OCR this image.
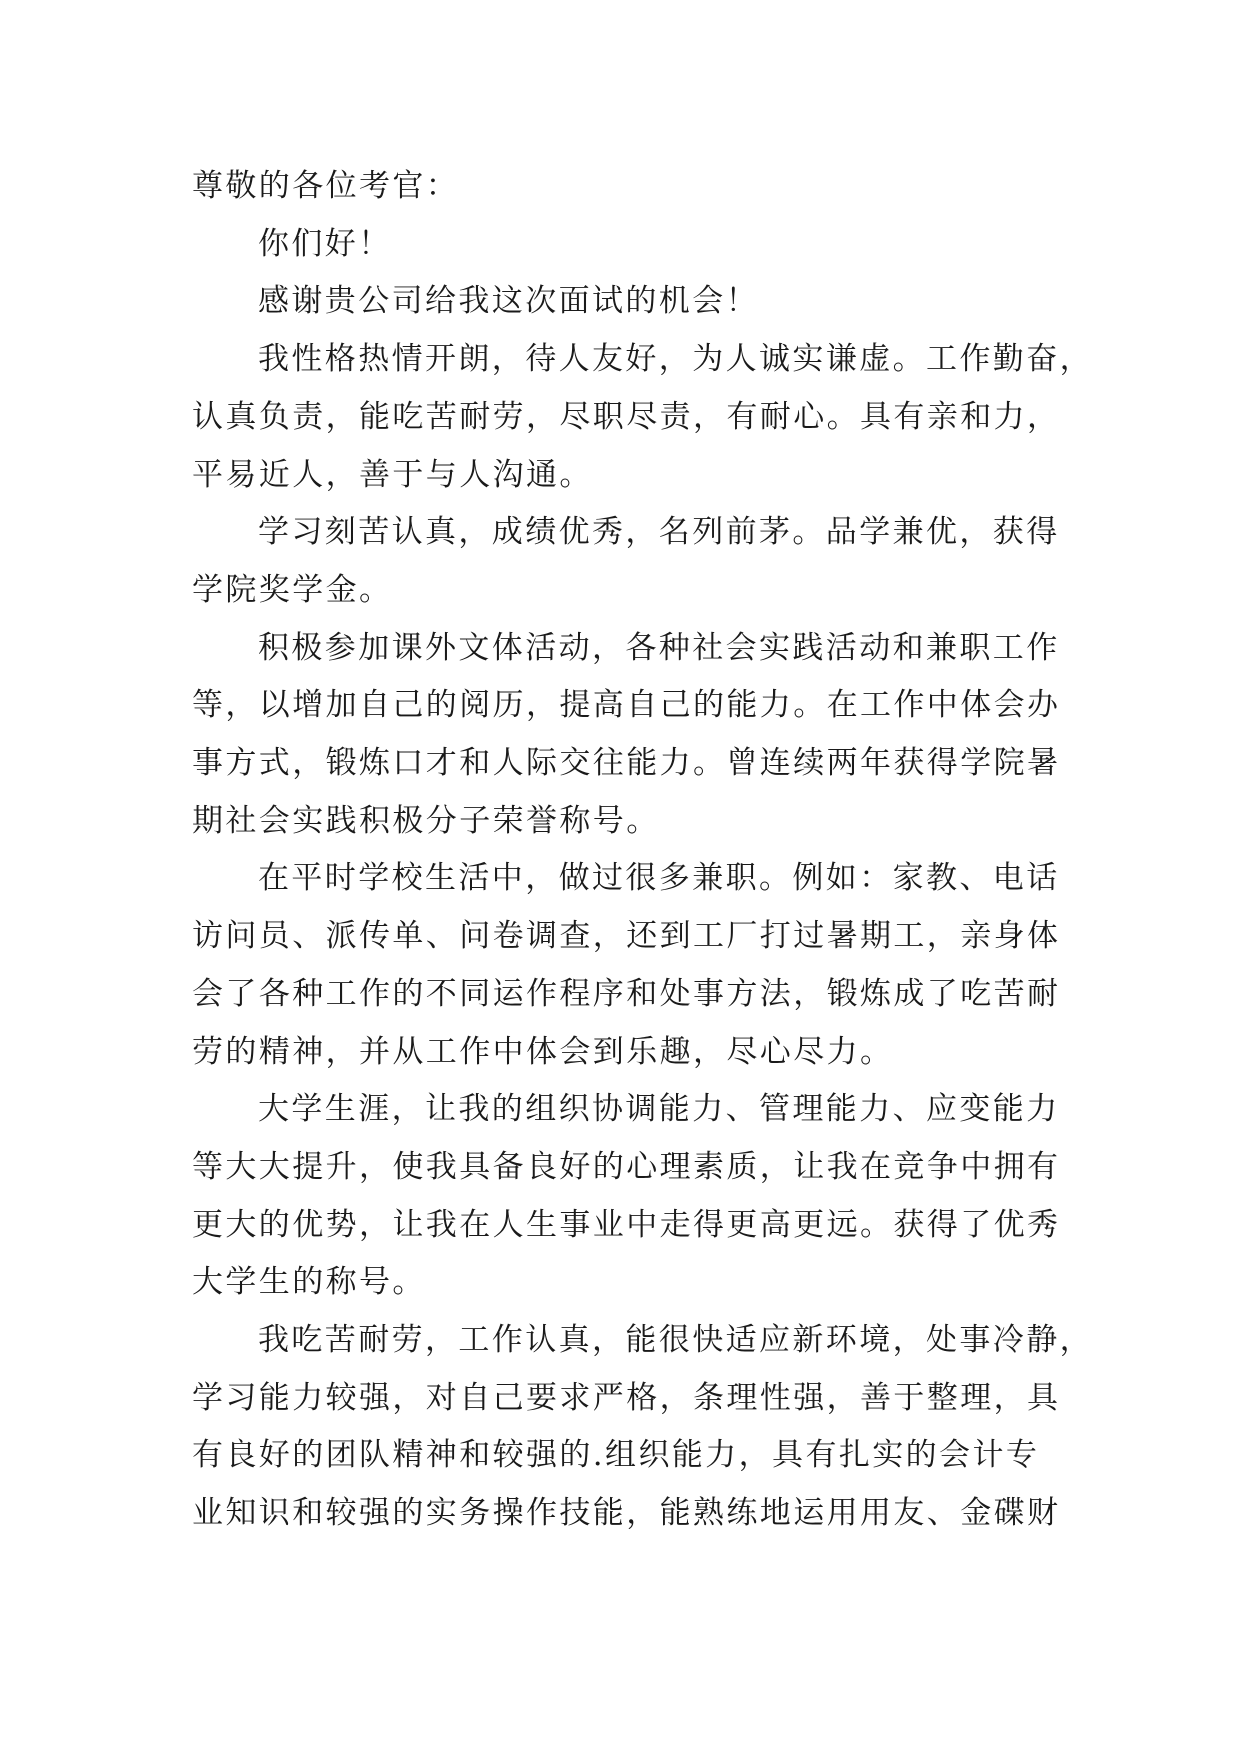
尊敬的各位考官：
你们好！
感谢贵公司给我这次面试的机会！
我性格热情开朗，待人友好，为人诚实谦虚。工作勤奋，
认真负责，能吃苦耐劳，尽职尽责，有耐心。具有亲和力，
平易近人，善于与人沟通。
学习刻苦认真，成绩优秀，名列前茅。品学兼优，获得
学院奖学金。
积极参加课外文体活动，各种社会实践活动和兼职工作
等，以增加自己的阅历，提高自己的能力。在工作中体会办
事方式，锻炼口才和人际交往能力。曾连续两年获得学院暑
期社会实践积极分子荣誉称号。
在平时学校生活中，做过很多兼职。例如：家教、电话
访问员、派传单、问卷调查，还到工厂打过暑期工，亲身体
会了各种工作的不同运作程序和处事方法，锻炼成了吃苦耐
劳的精神，并从工作中体会到乐趣，尽心尽力。
大学生涯，让我的组织协调能力、管理能力、应变能力
等大大提升，使我具备良好的心理素质，让我在竞争中拥有
更大的优势，让我在人生事业中走得更高更远。获得了优秀
大学生的称号。
我吃苦耐劳，工作认真，能很快适应新环境，处事冷静，
学习能力较强，对自己要求严格，条理性强，善于整理，具
有良好的团队精神和较强的.组织能力，具有扎实的会计专
业知识和较强的实务操作技能，能熟练地运用用友、金碟财
